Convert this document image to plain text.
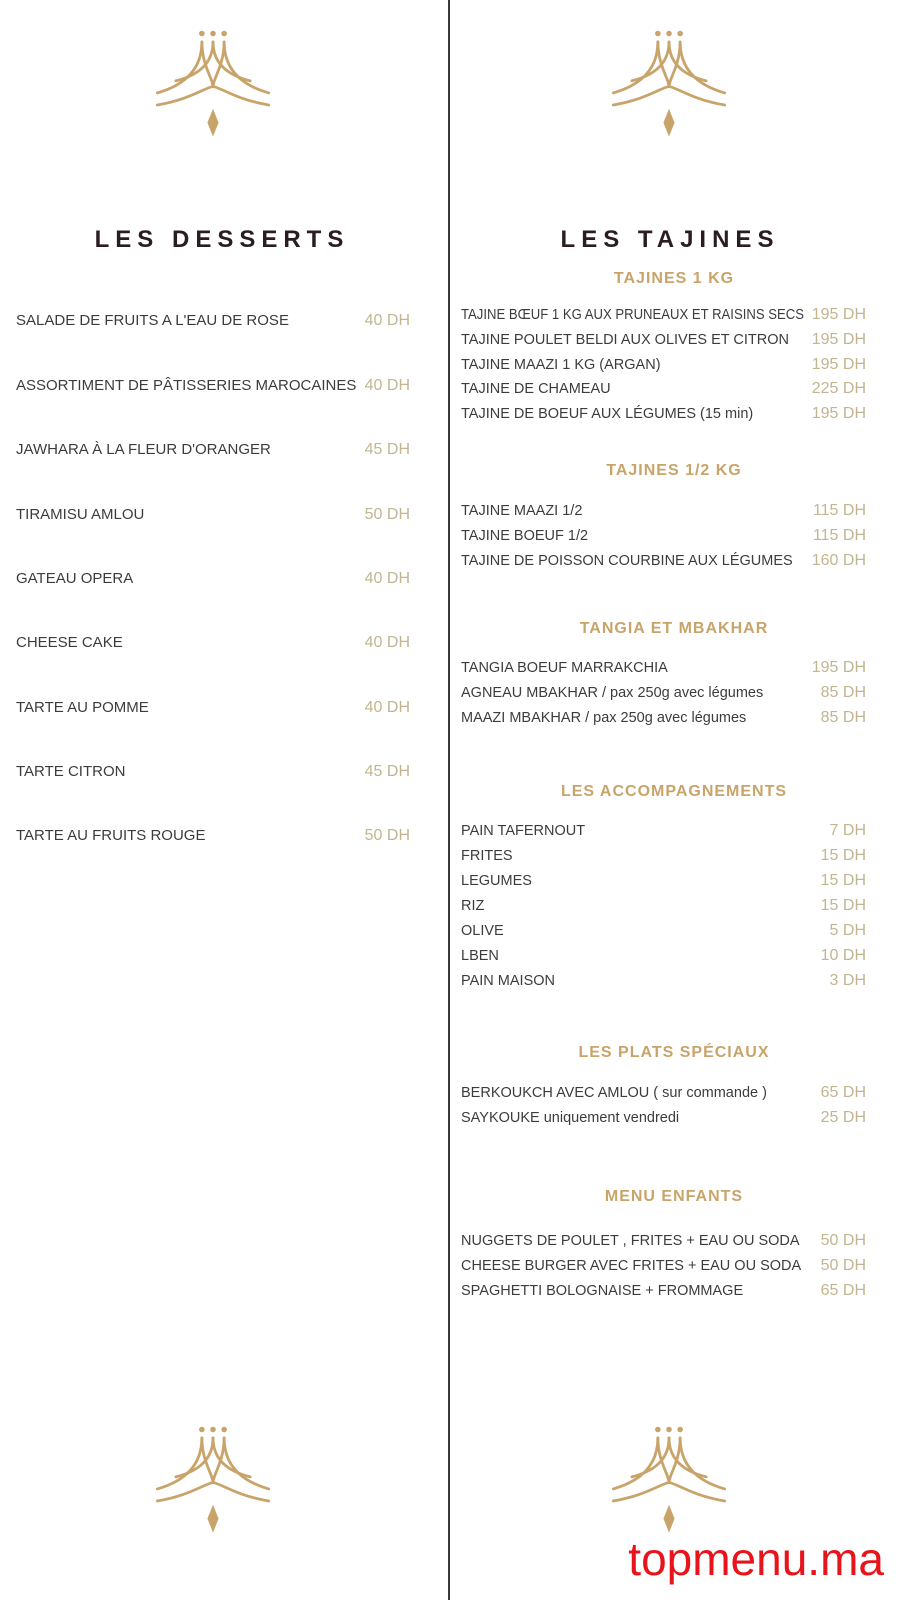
LES DESSERTS
SALADE DE FRUITS A L'EAU DE ROSE	40 DH
ASSORTIMENT DE PÂTISSERIES MAROCAINES 40 DH
JAWHARA À LA FLEUR D'ORANGER	45 DH
TIRAMISU AMLOU	50 DH
GATEAU OPERA	40 DH
CHEESE CAKE	40 DH
TARTE AU POMME	40 DH
TARTE CITRON	45 DH
TARTE AU FRUITS ROUGE	50 DH
LES TAJINES
TAJINES 1 KG
TAJINE BŒUF 1 KG AUX PRUNEAUX ET RAISINS SECS 195 DH
TAJINE POULET BELDI AUX OLIVES ET CITRON 195 DH
TAJINE MAAZI 1 KG (ARGAN)	195 DH
TAJINE DE CHAMEAU	225 DH
TAJINE DE BOEUF AUX LÉGUMES (15 min)	195 DH
TAJINES 1/2 KG
TAJINE MAAZI 1/2	115 DH
TAJINE BOEUF 1/2	115 DH
TAJINE DE POISSON COURBINE AUX LÉGUMES 160 DH
TANGIA ET MBAKHAR
TANGIA BOEUF MARRAKCHIA	195 DH
AGNEAU MBAKHAR / pax 250g avec légumes	85 DH
MAAZI MBAKHAR / pax 250g avec légumes	85 DH
LES ACCOMPAGNEMENTS
PAIN TAFERNOUT	7 DH
FRITES	15 DH
LEGUMES	15 DH
RIZ	15 DH
OLIVE	5 DH
LBEN	10 DH
PAIN MAISON	3 DH
LES PLATS SPÉCIAUX
BERKOUKCH AVEC AMLOU ( sur commande )	65 DH
SAYKOUKE uniquement vendredi	25 DH
MENU ENFANTS
NUGGETS DE POULET , FRITES + EAU OU SODA 50 DH
CHEESE BURGER AVEC FRITES + EAU OU SODA 50 DH
SPAGHETTI BOLOGNAISE + FROMMAGE	65 DH
topmenu.ma
